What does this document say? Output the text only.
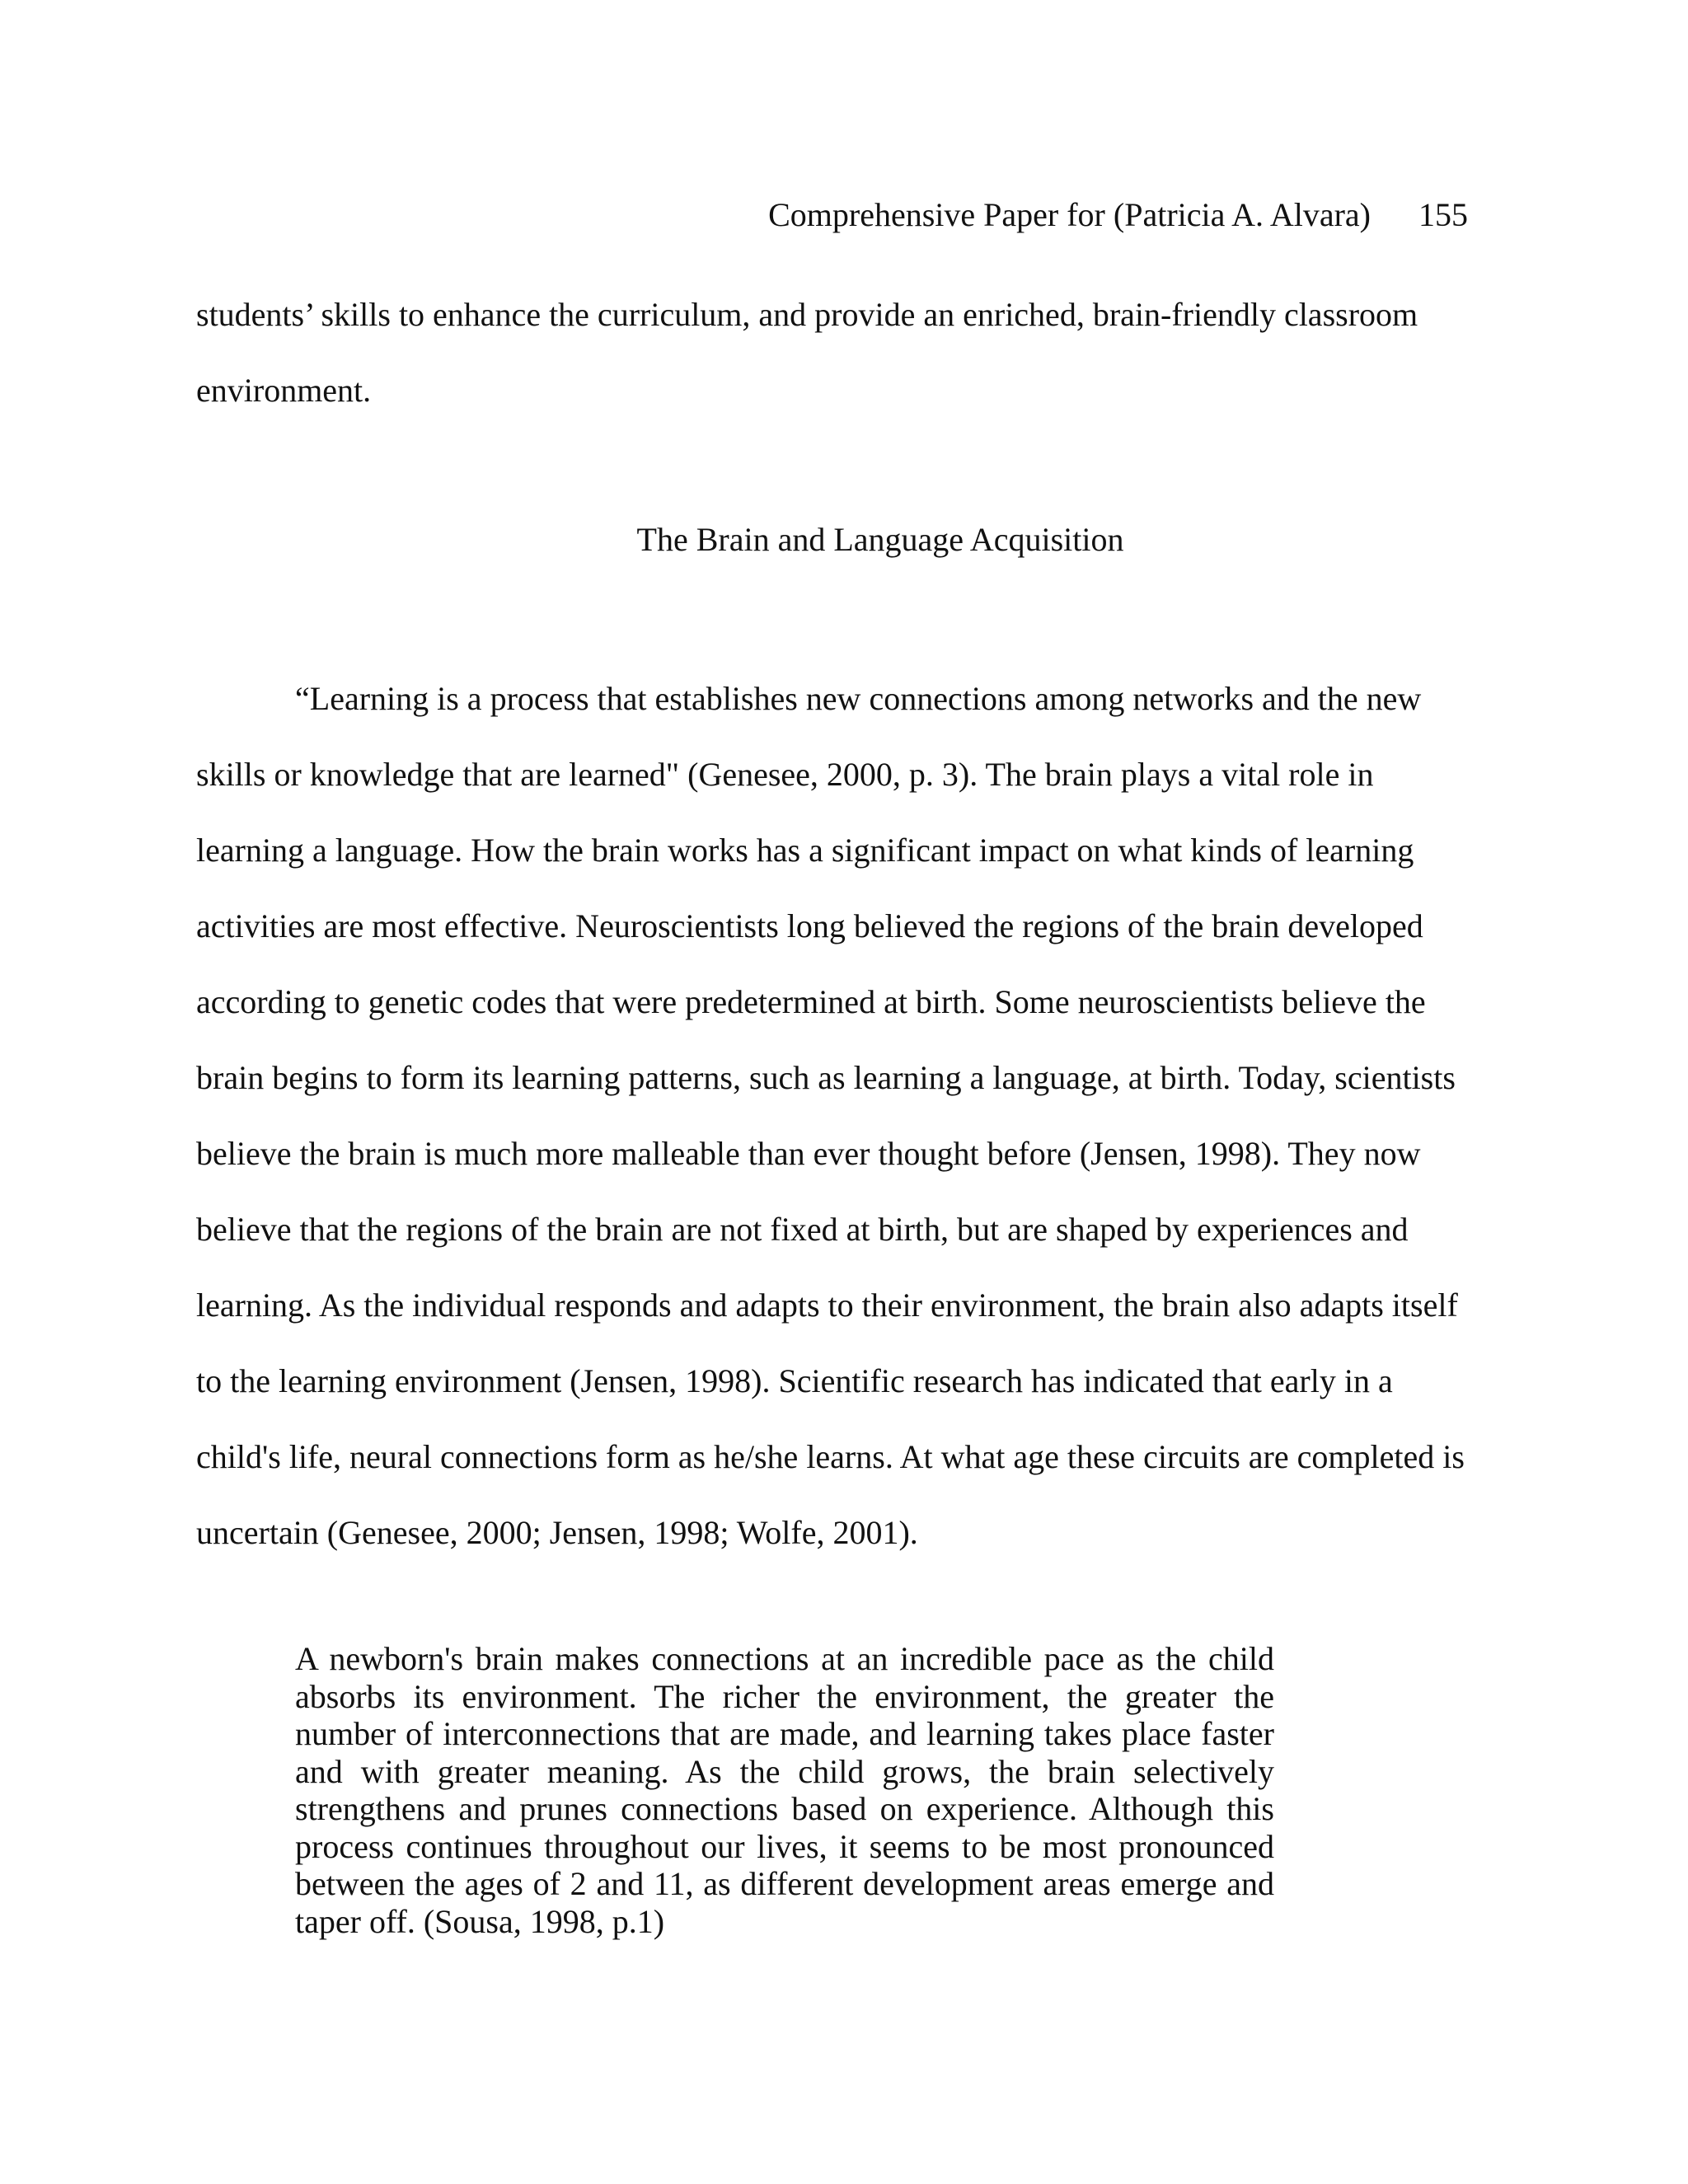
Comprehensive Paper for (Patricia A. Alvara) 155
students’ skills to enhance the curriculum, and provide an enriched, brain-friendly classroom
environment.
The Brain and Language Acquisition
“Learning is a process that establishes new connections among networks and the new
skills or knowledge that are learned" (Genesee, 2000, p. 3). The brain plays a vital role in
learning a language. How the brain works has a significant impact on what kinds of learning
activities are most effective. Neuroscientists long believed the regions of the brain developed
according to genetic codes that were predetermined at birth. Some neuroscientists believe the
brain begins to form its learning patterns, such as learning a language, at birth. Today, scientists
believe the brain is much more malleable than ever thought before (Jensen, 1998). They now
believe that the regions of the brain are not fixed at birth, but are shaped by experiences and
learning. As the individual responds and adapts to their environment, the brain also adapts itself
to the learning environment (Jensen, 1998). Scientific research has indicated that early in a
child's life, neural connections form as he/she learns. At what age these circuits are completed is
uncertain (Genesee, 2000; Jensen, 1998; Wolfe, 2001).
A newborn's brain makes connections at an incredible pace as the child
absorbs its environment. The richer the environment, the greater the
number of interconnections that are made, and learning takes place faster
and with greater meaning. As the child grows, the brain selectively
strengthens and prunes connections based on experience. Although this
process continues throughout our lives, it seems to be most pronounced
between the ages of 2 and 11, as different development areas emerge and
taper off. (Sousa, 1998, p.1)
